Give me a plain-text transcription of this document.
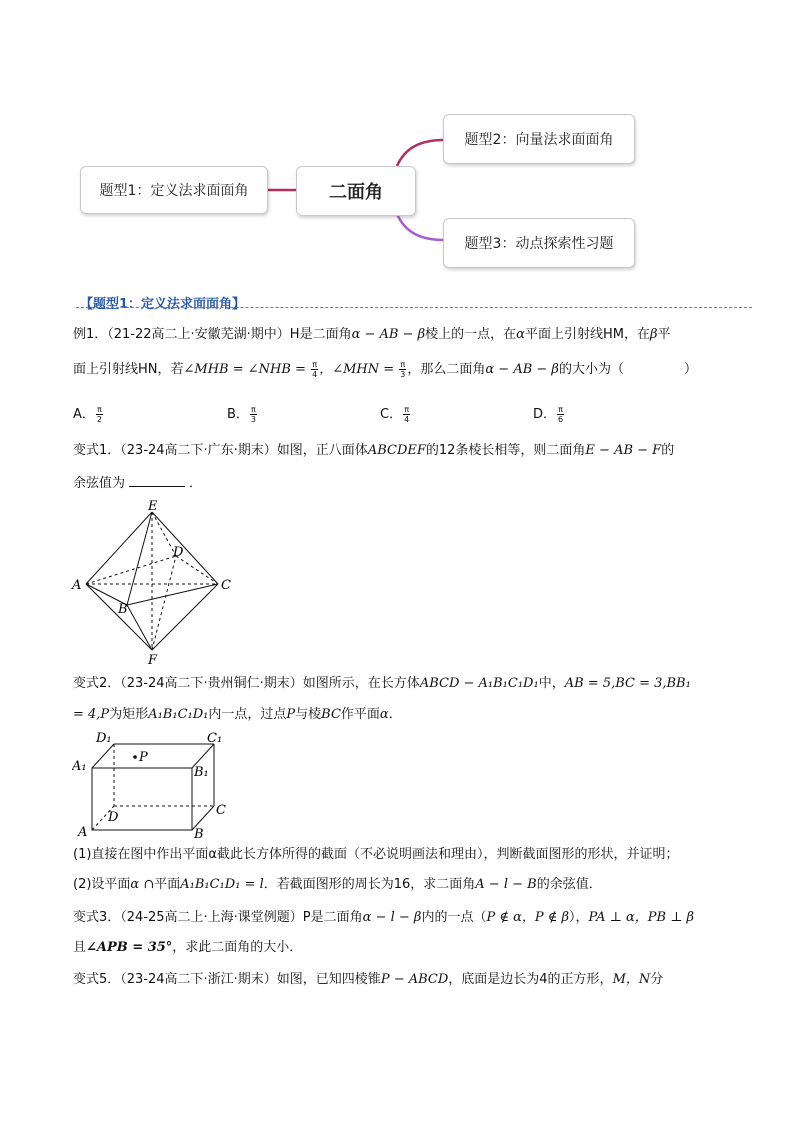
二面角
题型1：定义法求面面角
题型2：向量法求面面角
题型3：动点探索性习题
【题型1：定义法求面面角】
例1．（21-22高二上·安徽芜湖·期中）H是二面角α − AB − β棱上的一点，在α平面上引射线HM，在β平
面上引射线HN，若∠MHB = ∠NHB = $\frac{\pi}{4}$ ，∠MHN = $\frac{\pi}{3}$ ，那么二面角α − AB − β的大小为（	）
A． $\frac{\pi}{2}$	B． $\frac{\pi}{3}$	C． $\frac{\pi}{4}$	D． $\frac{\pi}{6}$
变式1．（23-24高二下·广东·期末）如图，正八面体ABCDEF的12条棱长相等，则二面角E − AB − F的
余弦值为	．
E
D
A	C
B
F
变式2．（23-24高二下·贵州铜仁·期末）如图所示，在长方体ABCD − A₁B₁C₁D₁中，AB = 5,BC = 3,BB₁
= 4,P为矩形A₁B₁C₁D₁内一点，过点P与棱BC作平面α．
D₁	C₁
P
A₁	B₁
D	C
A	B
(1)直接在图中作出平面α截此长方体所得的截面（不必说明画法和理由），判断截面图形的形状，并证明；
(2)设平面α ∩平面A₁B₁C₁D₁ = l．若截面图形的周长为16，求二面角A − l − B的余弦值．
变式3．（24-25高二上·上海·课堂例题）P是二面角α − l − β内的一点（P ∉ α，P ∉ β），PA ⊥ α，PB ⊥ β
且∠APB = 35°，求此二面角的大小．
变式5．（23-24高二下·浙江·期末）如图，已知四棱锥P − ABCD，底面是边长为4的正方形，M，N分
